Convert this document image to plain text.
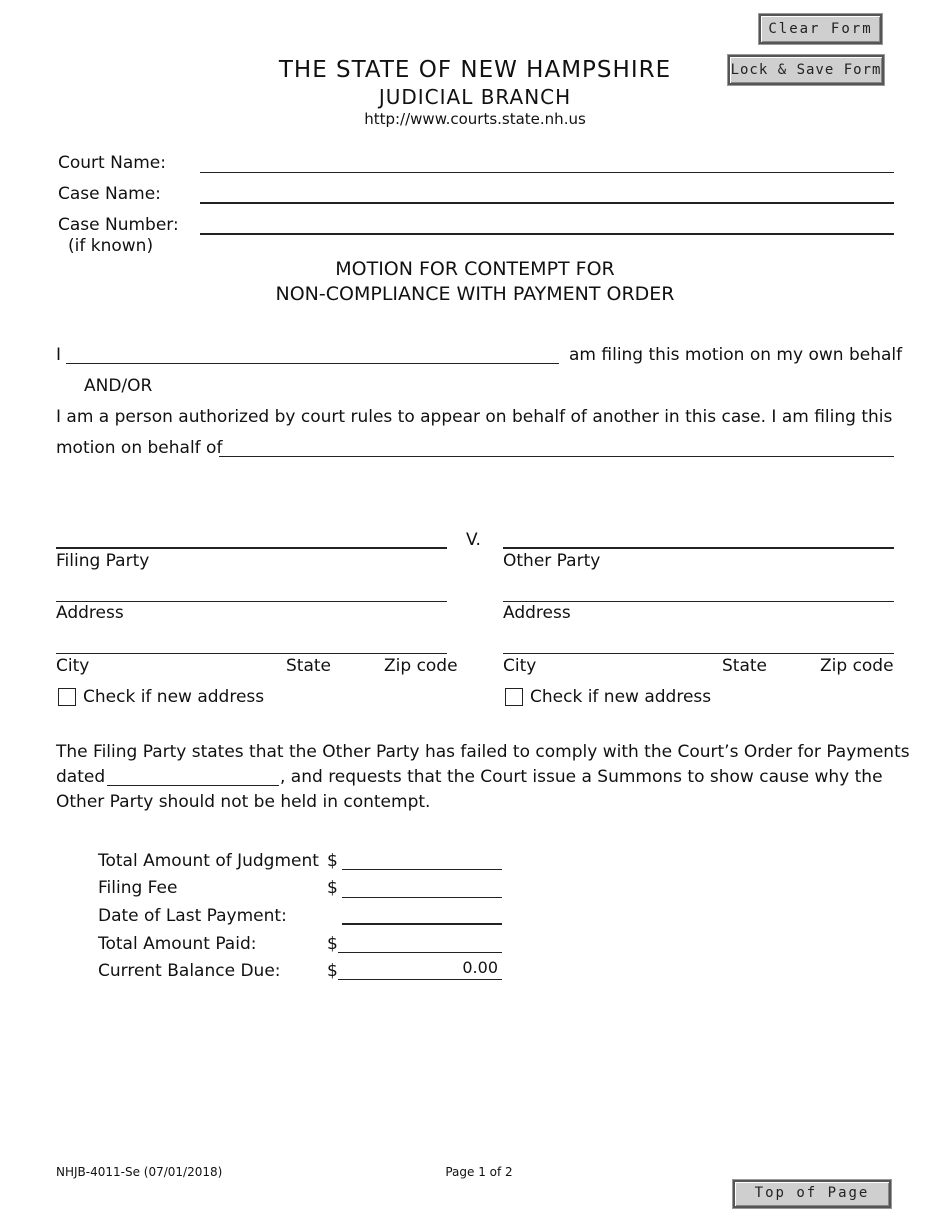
Clear Form
Lock & Save Form
THE STATE OF NEW HAMPSHIRE
JUDICIAL BRANCH
http://www.courts.state.nh.us
Court Name:
Case Name:
Case Number:
(if known)
MOTION FOR CONTEMPT FOR
NON-COMPLIANCE WITH PAYMENT ORDER
I	am filing this motion on my own behalf
AND/OR
I am a person authorized by court rules to appear on behalf of another in this case. I am filing this
motion on behalf of
V.
Filing Party	Other Party
Address	Address
City	State	Zip code	City	State	Zip code
Check if new address	Check if new address
The Filing Party states that the Other Party has failed to comply with the Court’s Order for Payments
dated	, and requests that the Court issue a Summons to show cause why the
Other Party should not be held in contempt.
Total Amount of Judgment $
Filing Fee	$
Date of Last Payment:
Total Amount Paid:	$
Current Balance Due:	$	0.00
NHJB-4011-Se (07/01/2018)	Page 1 of 2
Top of Page
